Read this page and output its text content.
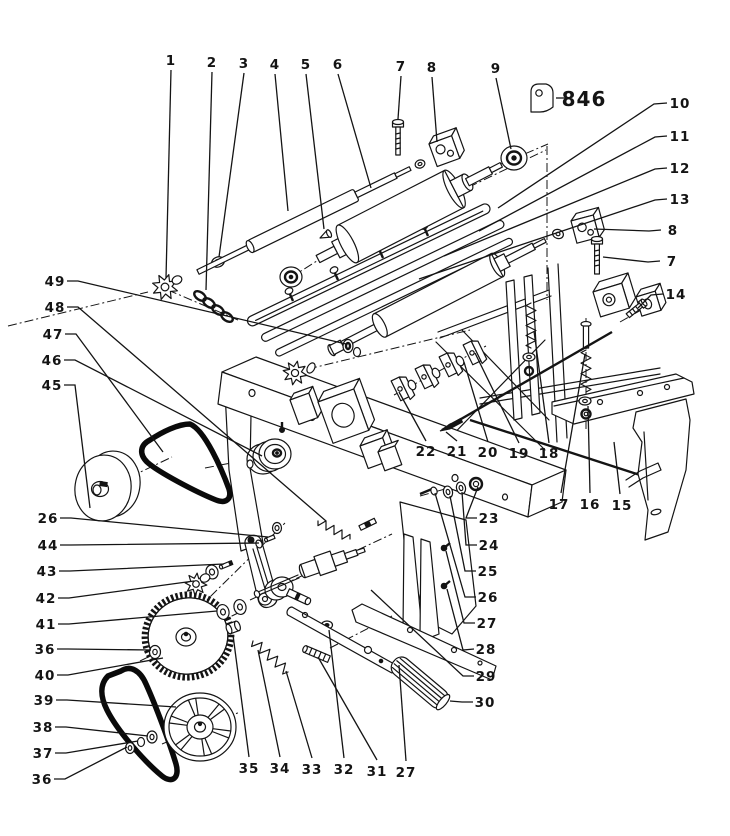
846
1 2 3 4 5 6	7 8	9
10
11
12
13
8
7
14
49
48
47
46
45
26
44
43
42
41
36
40
39
38
37
36
22 21 20 19 18
17 16 15
23
24
25
26
27
28
29
30
35 34 33 32 31 27
